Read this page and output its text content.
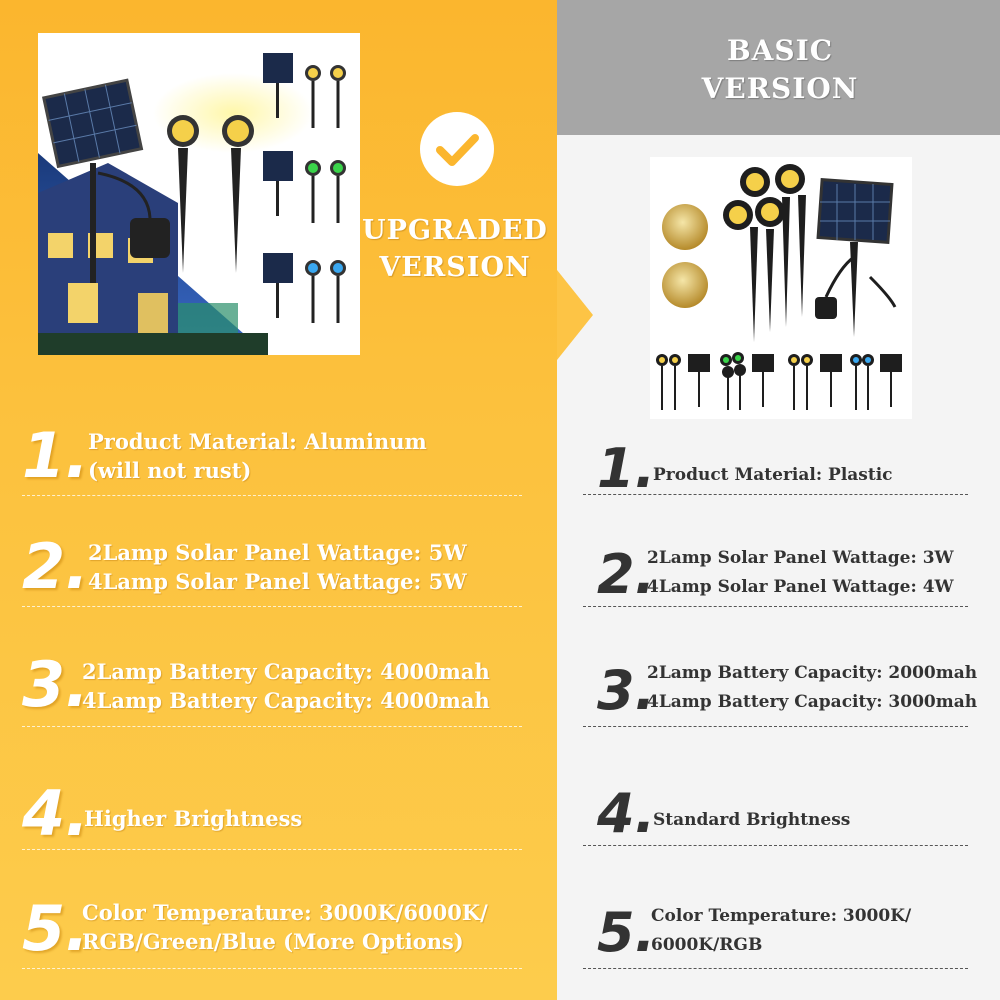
UPGRADED
VERSION
BASIC
VERSION
1. Product Material: Aluminum
(will not rust)
2. 2Lamp Solar Panel Wattage: 5W
4Lamp Solar Panel Wattage: 5W
3.
2Lamp Battery Capacity: 4000mah
4Lamp Battery Capacity: 4000mah
4.
Higher Brightness
5.
Color Temperature: 3000K/6000K/
RGB/Green/Blue (More Options)
1.
Product Material: Plastic
2.
2Lamp Solar Panel Wattage: 3W
4Lamp Solar Panel Wattage: 4W
3.
2Lamp Battery Capacity: 2000mah
4Lamp Battery Capacity: 3000mah
4.
Standard Brightness
5.
Color Temperature: 3000K/
6000K/RGB
